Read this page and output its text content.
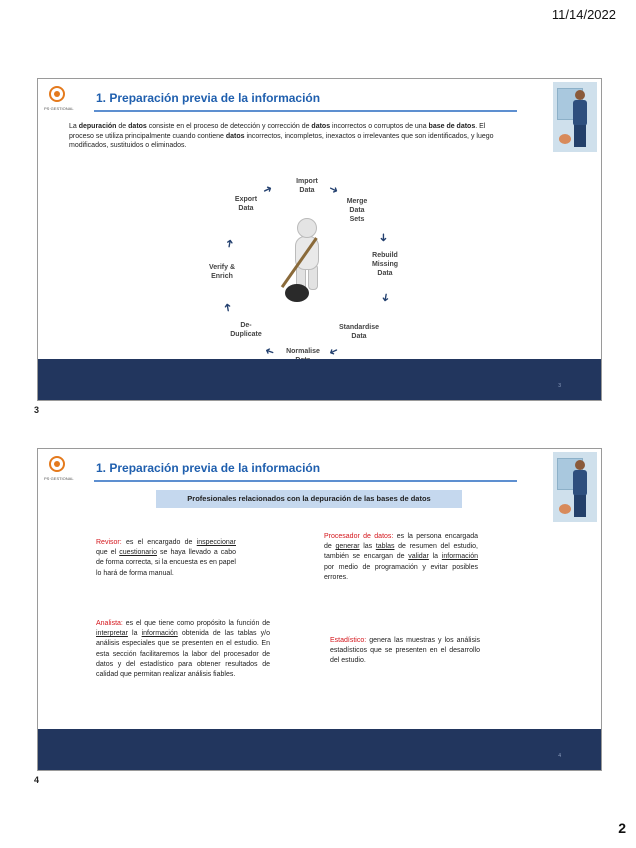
11/14/2022
PS·GESTIONAL
1. Preparación previa de la información
La depuración de datos consiste en el proceso de detección y corrección de datos incorrectos o corruptos de una base de datos. El proceso se utiliza principalmente cuando contiene datos incorrectos, incompletos, inexactos o irrelevantes que son identificados, y luego modificados, sustituidos o eliminados.
Import
Data
Merge
Data
Sets
Rebuild
Missing
Data
Standardise
Data
Normalise

De-
Duplicate
Verify &
Enrich
Export
Data
➜
➜
➜
➜
➜
➜
➜
➜
3
3
PS·GESTIONAL
1. Preparación previa de la información
Profesionales relacionados con la depuración de las bases de datos
Revisor: es el encargado de inspeccionar que el cuestionario se haya llevado a cabo de forma correcta, si la encuesta es en papel lo hará de forma manual.
Analista: es el que tiene como propósito la función de interpretar la información obtenida de las tablas y/o análisis especiales que se presenten en el estudio. En esta sección facilitaremos la labor del procesador de datos y del estadístico para obtener resultados de calidad que permitan realizar análisis fiables.
Procesador de datos: es la persona encargada de generar las tablas de resumen del estudio, también se encargan de validar la información por medio de programación y evitar posibles errores.
Estadístico: genera las muestras y los análisis estadísticos que se presenten en el desarrollo del estudio.
4
4
2
